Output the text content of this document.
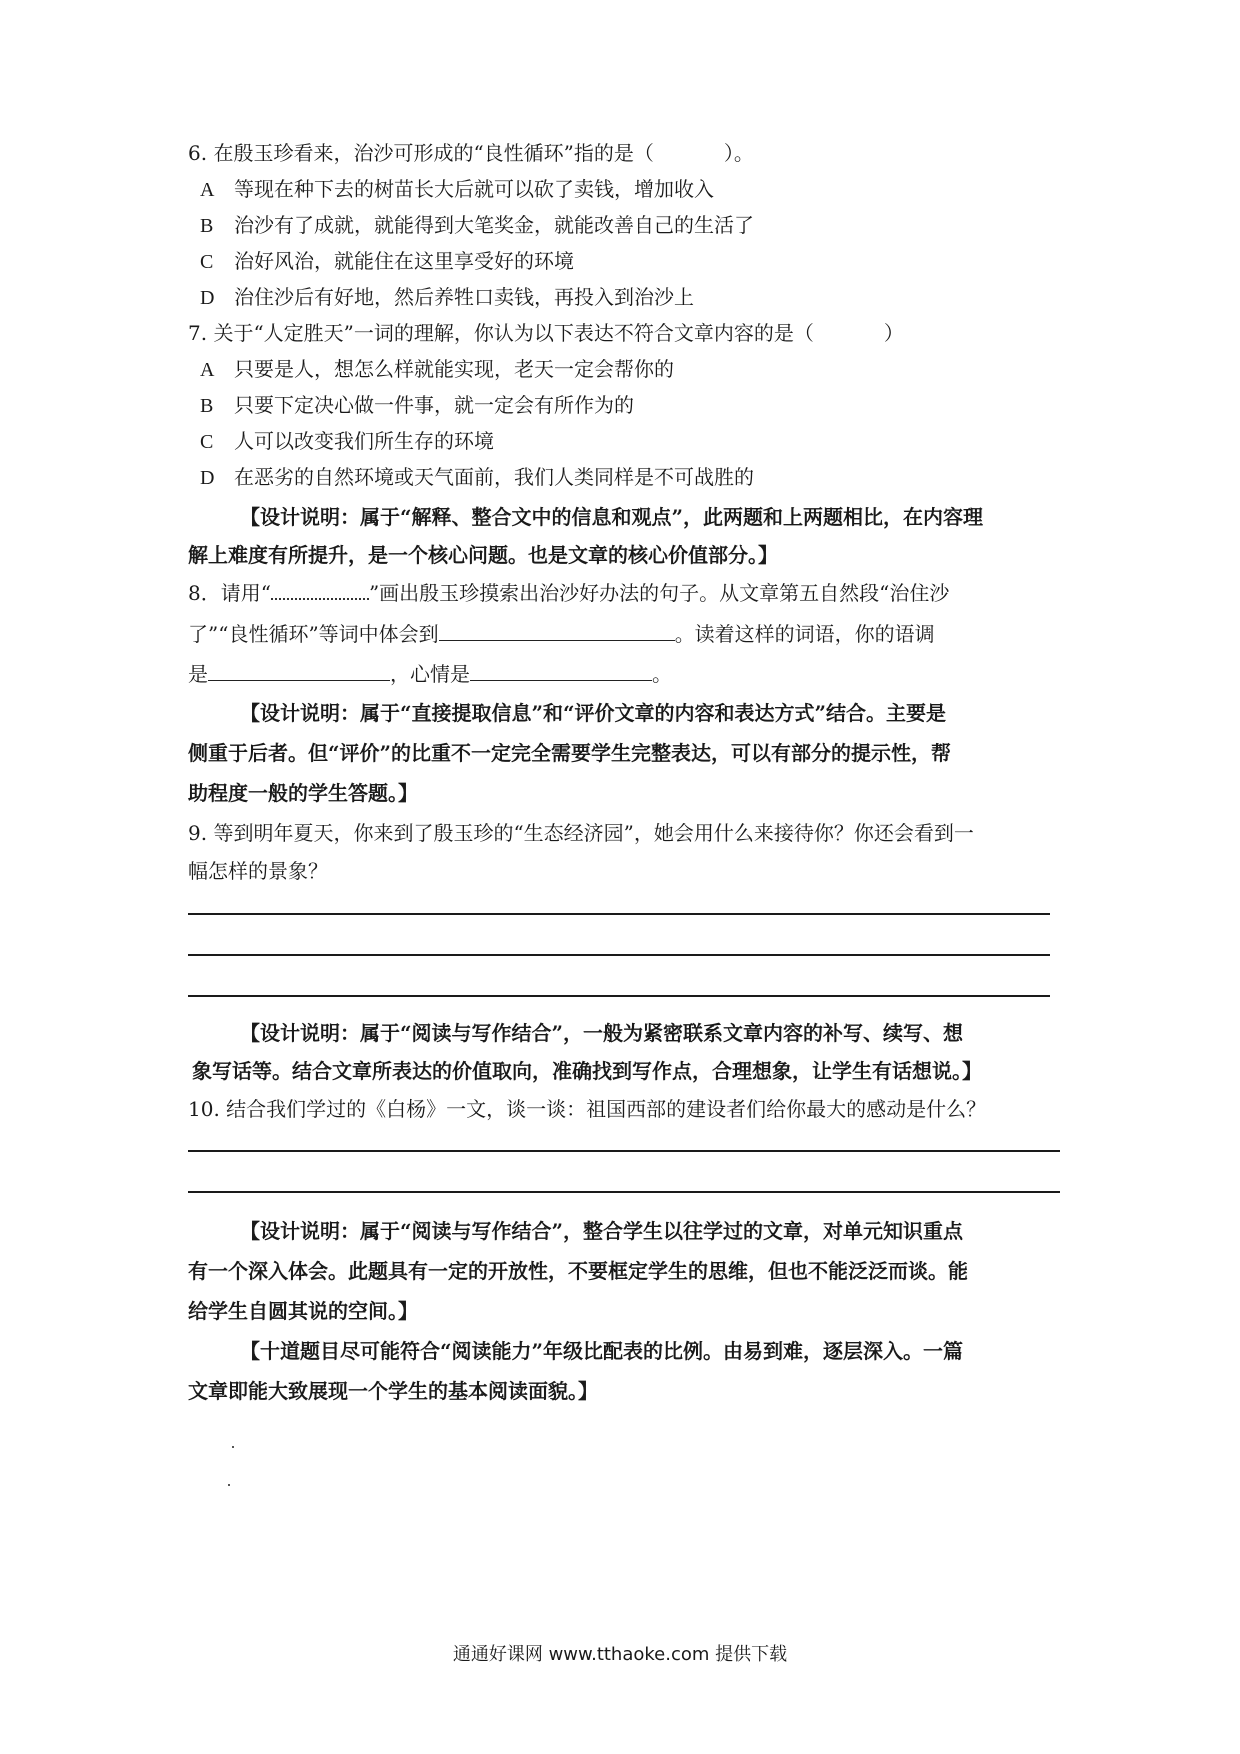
6. 在殷玉珍看来，治沙可形成的“良性循环”指的是（	）。
A 等现在种下去的树苗长大后就可以砍了卖钱，增加收入
B 治沙有了成就，就能得到大笔奖金，就能改善自己的生活了
C 治好风治，就能住在这里享受好的环境
D 治住沙后有好地，然后养牲口卖钱，再投入到治沙上
7. 关于“人定胜天”一词的理解，你认为以下表达不符合文章内容的是（	）
A 只要是人，想怎么样就能实现，老天一定会帮你的
B 只要下定决心做一件事，就一定会有所作为的
C 人可以改变我们所生存的环境
D 在恶劣的自然环境或天气面前，我们人类同样是不可战胜的
【设计说明：属于“解释、整合文中的信息和观点”，此两题和上两题相比，在内容理
解上难度有所提升，是一个核心问题。也是文章的核心价值部分。】
8．请用“	”画出殷玉珍摸索出治沙好办法的句子。从文章第五自然段“治住沙
了”“良性循环”等词中体会到	。读着这样的词语，你的语调
是	，心情是	。
【设计说明：属于“直接提取信息”和“评价文章的内容和表达方式”结合。主要是
侧重于后者。但“评价”的比重不一定完全需要学生完整表达，可以有部分的提示性，帮
助程度一般的学生答题。】
9. 等到明年夏天，你来到了殷玉珍的“生态经济园”，她会用什么来接待你？你还会看到一
幅怎样的景象？
【设计说明：属于“阅读与写作结合”，一般为紧密联系文章内容的补写、续写、想
象写话等。结合文章所表达的价值取向，准确找到写作点，合理想象，让学生有话想说。】
10. 结合我们学过的《白杨》一文，谈一谈：祖国西部的建设者们给你最大的感动是什么？
【设计说明：属于“阅读与写作结合”，整合学生以往学过的文章，对单元知识重点
有一个深入体会。此题具有一定的开放性，不要框定学生的思维，但也不能泛泛而谈。能
给学生自圆其说的空间。】
【十道题目尽可能符合“阅读能力”年级比配表的比例。由易到难，逐层深入。一篇
文章即能大致展现一个学生的基本阅读面貌。】
通通好课网 www.tthaoke.com 提供下载
